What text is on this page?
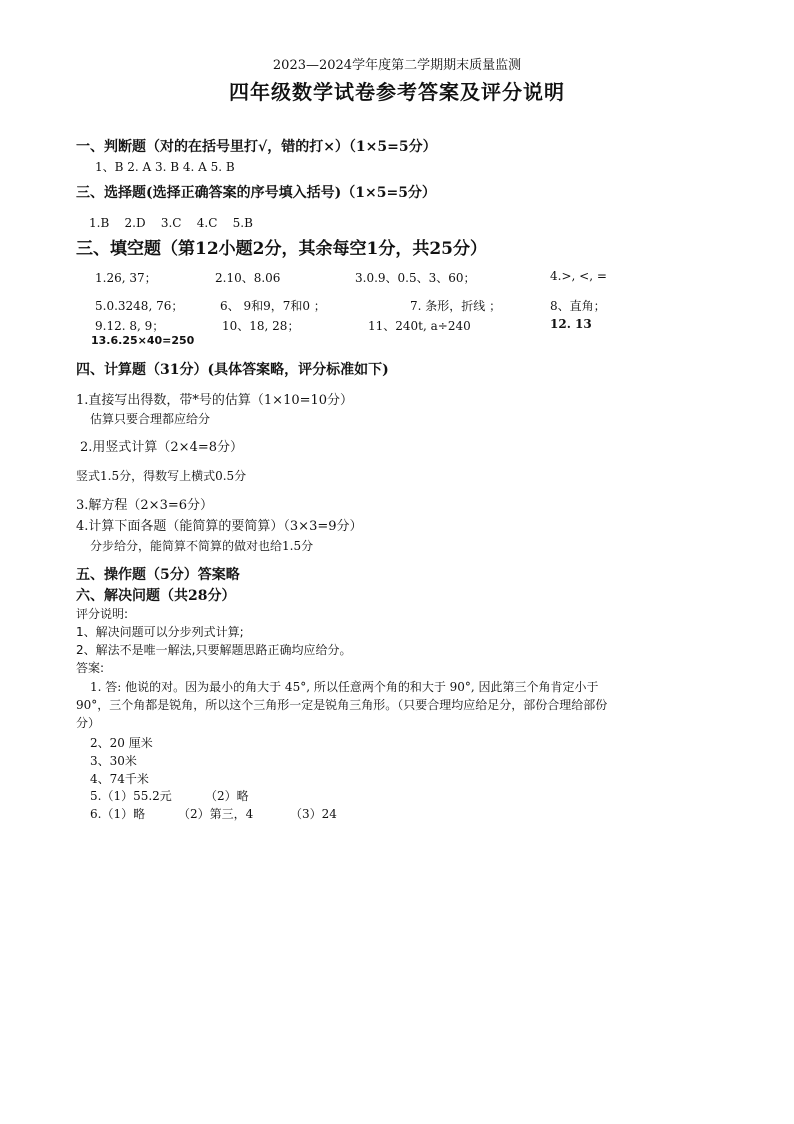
2023—2024学年度第二学期期末质量监测
四年级数学试卷参考答案及评分说明
一、判断题（对的在括号里打√，错的打×）（1×5=5分）
1、B 2. A 3. B 4. A 5. B
三、选择题(选择正确答案的序号填入括号)（1×5=5分）
1.B    2.D    3.C    4.C    5.B
三、填空题（第12小题2分，其余每空1分，共25分）
1.26, 37；	2.10、8.06	3.0.9、0.5、3、60；	4.>, <, =
5.0.3248, 76；	6、 9和9，7和0 ；	7. 条形，折线 ；	8、直角；
9.12. 8, 9；	10、18, 28；	11、240t, a÷240	12. 13
13.6.25×40=250
四、计算题（31分）(具体答案略，评分标准如下)
1.直接写出得数，带*号的估算（1×10=10分）
估算只要合理都应给分
2.用竖式计算（2×4=8分）
竖式1.5分，得数写上横式0.5分
3.解方程（2×3=6分）
4.计算下面各题（能简算的要简算）（3×3=9分）
分步给分，能简算不简算的做对也给1.5分
五、操作题（5分）答案略
六、解决问题（共28分）
评分说明:
1、解决问题可以分步列式计算;
2、解法不是唯一解法,只要解题思路正确均应给分。
答案:
1. 答: 他说的对。因为最小的角大于 45°, 所以任意两个角的和大于 90°, 因此第三个角肯定小于
90°，三个角都是锐角，所以这个三角形一定是锐角三角形。（只要合理均应给足分，部份合理给部份
分）
2、20 厘米
3、30米
4、74千米
5.（1）55.2元	（2）略
6.（1）略	（2）第三，4	（3）24
